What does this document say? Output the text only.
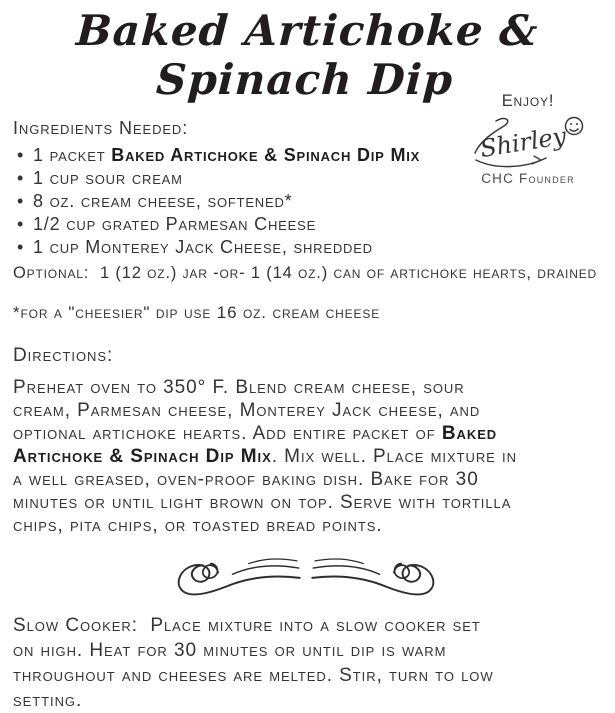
Baked Artichoke & Spinach Dip	Enjoy!
Shirley
CHC Founder
Ingredients Needed:
• 1 packet Baked Artichoke & Spinach Dip Mix
• 1 cup sour cream
• 8 oz. cream cheese, softened*
• 1/2 cup grated Parmesan Cheese
• 1 cup Monterey Jack Cheese, shredded
Optional:  1 (12 oz.) jar -or- 1 (14 oz.) can of artichoke hearts, drained
*for a "cheesier" dip use 16 oz. cream cheese
Directions:
Preheat oven to 350° F. Blend cream cheese, sour
cream, Parmesan cheese, Monterey Jack cheese, and
optional artichoke hearts. Add entire packet of Baked
Artichoke & Spinach Dip Mix. Mix well. Place mixture in
a well greased, oven-proof baking dish. Bake for 30
minutes or until light brown on top. Serve with tortilla
chips, pita chips, or toasted bread points.
Slow Cooker:  Place mixture into a slow cooker set
on high. Heat for 30 minutes or until dip is warm
throughout and cheeses are melted. Stir, turn to low
setting.
